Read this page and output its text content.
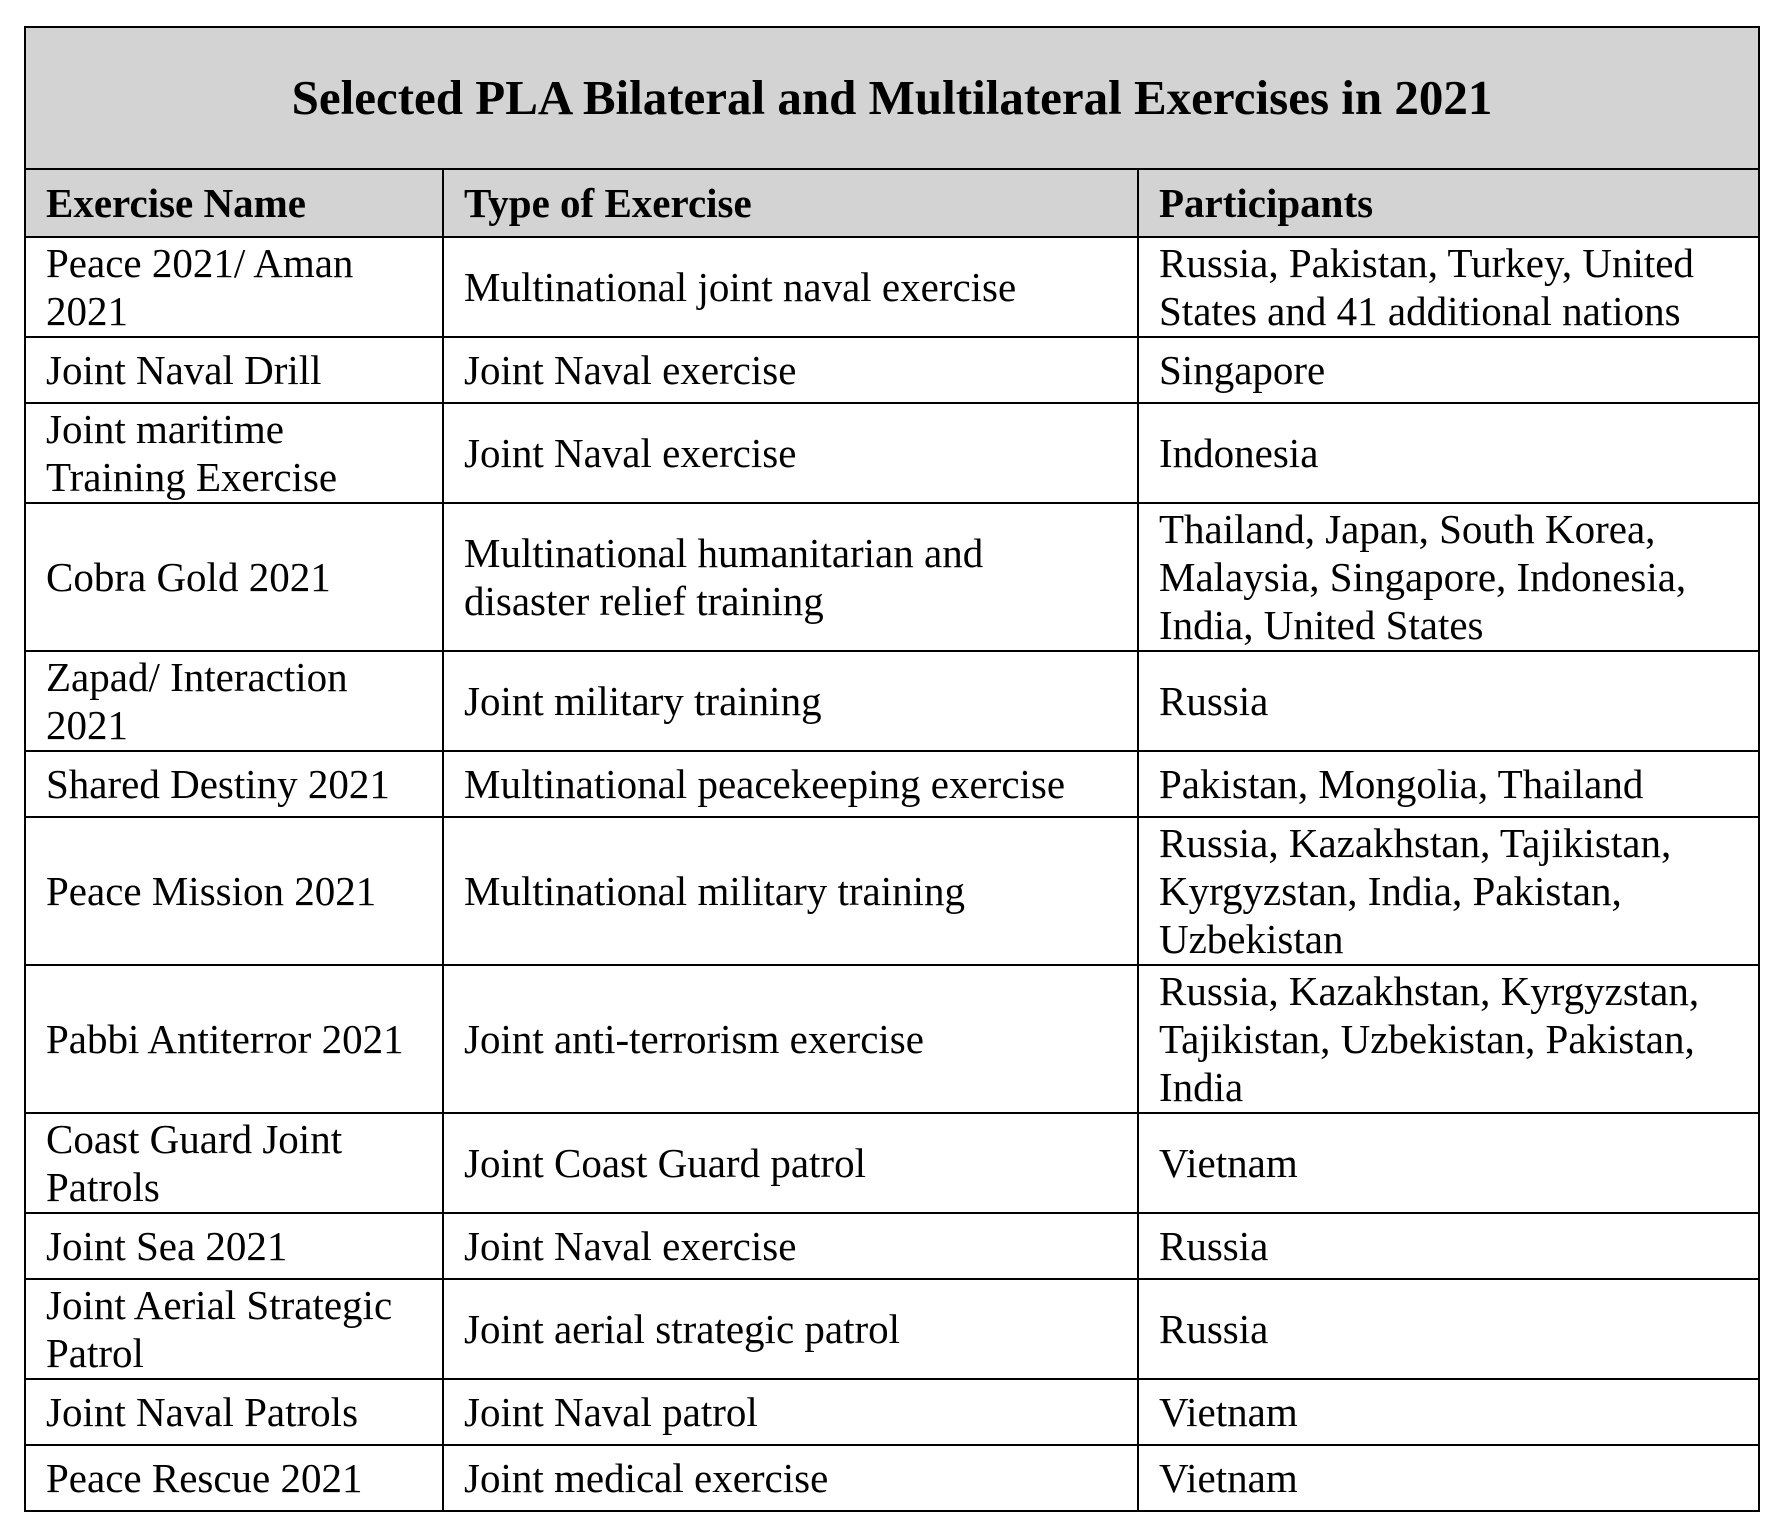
Selected PLA Bilateral and Multilateral Exercises in 2021		
Exercise Name	Type of Exercise	Participants
Peace 2021/ Aman 2021	Multinational joint naval exercise	Russia, Pakistan, Turkey, United States and 41 additional nations
Joint Naval Drill	Joint Naval exercise	Singapore
Joint maritime Training Exercise	Joint Naval exercise	Indonesia
Cobra Gold 2021	Multinational humanitarian and disaster relief training	Thailand, Japan, South Korea, Malaysia, Singapore, Indonesia, India, United States
Zapad/ Interaction 2021	Joint military training	Russia
Shared Destiny 2021	Multinational peacekeeping exercise	Pakistan, Mongolia, Thailand
Peace Mission 2021	Multinational military training	Russia, Kazakhstan, Tajikistan, Kyrgyzstan, India, Pakistan, Uzbekistan
Pabbi Antiterror 2021	Joint anti-terrorism exercise	Russia, Kazakhstan, Kyrgyzstan, Tajikistan, Uzbekistan, Pakistan, India
Coast Guard Joint Patrols	Joint Coast Guard patrol	Vietnam
Joint Sea 2021	Joint Naval exercise	Russia
Joint Aerial Strategic Patrol	Joint aerial strategic patrol	Russia
Joint Naval Patrols	Joint Naval patrol	Vietnam
Peace Rescue 2021	Joint medical exercise	Vietnam
